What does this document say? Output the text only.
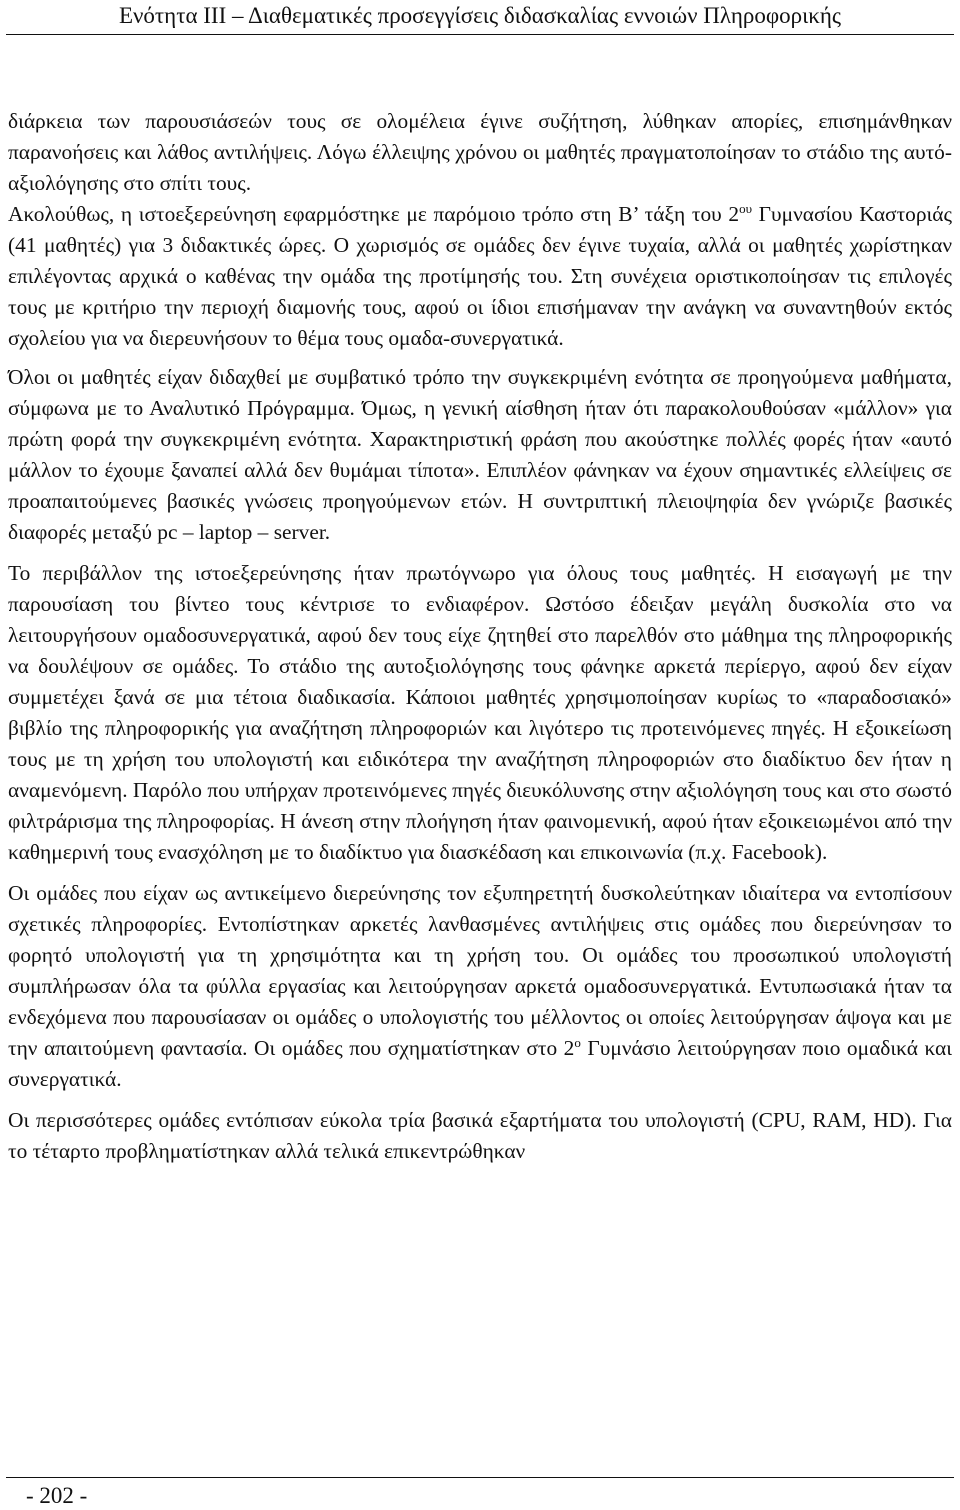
Ενότητα ΙΙΙ – Διαθεματικές προσεγγίσεις διδασκαλίας εννοιών Πληροφορικής

διάρκεια των παρουσιάσεών τους σε ολομέλεια έγινε συζήτηση, λύθηκαν απορίες, επισημάνθηκαν παρανοήσεις και λάθος αντιλήψεις. Λόγω έλλειψης χρόνου οι μαθητές πραγματοποίησαν το στάδιο της αυτό-αξιολόγησης στο σπίτι τους.

Ακολούθως, η ιστοεξερεύνηση εφαρμόστηκε με παρόμοιο τρόπο στη Β’ τάξη του $2^{o\upsilon}$ Γυμνασίου Καστοριάς (41 μαθητές) για 3 διδακτικές ώρες. Ο χωρισμός σε ομάδες δεν έγινε τυχαία, αλλά οι μαθητές χωρίστηκαν επιλέγοντας αρχικά ο καθένας την ομάδα της προτίμησής του. Στη συνέχεια οριστικοποίησαν τις επιλογές τους με κριτήριο την περιοχή διαμονής τους, αφού οι ίδιοι επισήμαναν την ανάγκη να συναντηθούν εκτός σχολείου για να διερευνήσουν το θέμα τους ομαδα-συνεργατικά.

Όλοι οι μαθητές είχαν διδαχθεί με συμβατικό τρόπο την συγκεκριμένη ενότητα σε προηγούμενα μαθήματα, σύμφωνα με το Αναλυτικό Πρόγραμμα. Όμως, η γενική αίσθηση ήταν ότι παρακολουθούσαν «μάλλον» για πρώτη φορά την συγκεκριμένη ενότητα. Χαρακτηριστική φράση που ακούστηκε πολλές φορές ήταν «αυτό μάλλον το έχουμε ξαναπεί αλλά δεν θυμάμαι τίποτα». Επιπλέον φάνηκαν να έχουν σημαντικές ελλείψεις σε προαπαιτούμενες βασικές γνώσεις προηγούμενων ετών. Η συντριπτική πλειοψηφία δεν γνώριζε βασικές διαφορές μεταξύ pc – laptop – server.

Το περιβάλλον της ιστοεξερεύνησης ήταν πρωτόγνωρο για όλους τους μαθητές. Η εισαγωγή με την παρουσίαση του βίντεο τους κέντρισε το ενδιαφέρον. Ωστόσο έδειξαν μεγάλη δυσκολία στο να λειτουργήσουν ομαδοσυνεργατικά, αφού δεν τους είχε ζητηθεί στο παρελθόν στο μάθημα της πληροφορικής να δουλέψουν σε ομάδες. Το στάδιο της αυτοξιολόγησης τους φάνηκε αρκετά περίεργο, αφού δεν είχαν συμμετέχει ξανά σε μια τέτοια διαδικασία. Κάποιοι μαθητές χρησιμοποίησαν κυρίως το «παραδοσιακό» βιβλίο της πληροφορικής για αναζήτηση πληροφοριών και λιγότερο τις προτεινόμενες πηγές. Η εξοικείωση τους με τη χρήση του υπολογιστή και ειδικότερα την αναζήτηση πληροφοριών στο διαδίκτυο δεν ήταν η αναμενόμενη. Παρόλο που υπήρχαν προτεινόμενες πηγές διευκόλυνσης στην αξιολόγηση τους και στο σωστό φιλτράρισμα της πληροφορίας. Η άνεση στην πλοήγηση ήταν φαινομενική, αφού ήταν εξοικειωμένοι από την καθημερινή τους ενασχόληση με το διαδίκτυο για διασκέδαση και επικοινωνία (π.χ. Facebook).

Οι ομάδες που είχαν ως αντικείμενο διερεύνησης τον εξυπηρετητή δυσκολεύτηκαν ιδιαίτερα να εντοπίσουν σχετικές πληροφορίες. Εντοπίστηκαν αρκετές λανθασμένες αντιλήψεις στις ομάδες που διερεύνησαν το φορητό υπολογιστή για τη χρησιμότητα και τη χρήση του. Οι ομάδες του προσωπικού υπολογιστή συμπλήρωσαν όλα τα φύλλα εργασίας και λειτούργησαν αρκετά ομαδοσυνεργατικά. Εντυπωσιακά ήταν τα ενδεχόμενα που παρουσίασαν οι ομάδες ο υπολογιστής του μέλλοντος οι οποίες λειτούργησαν άψογα και με την απαιτούμενη φαντασία. Οι ομάδες που σχηματίστηκαν στο $2^o$ Γυμνάσιο λειτούργησαν ποιο ομαδικά και συνεργατικά.

Οι περισσότερες ομάδες εντόπισαν εύκολα τρία βασικά εξαρτήματα του υπολογιστή (CPU, RAM, HD). Για το τέταρτο προβληματίστηκαν αλλά τελικά επικεντρώθηκαν

- 202 -
